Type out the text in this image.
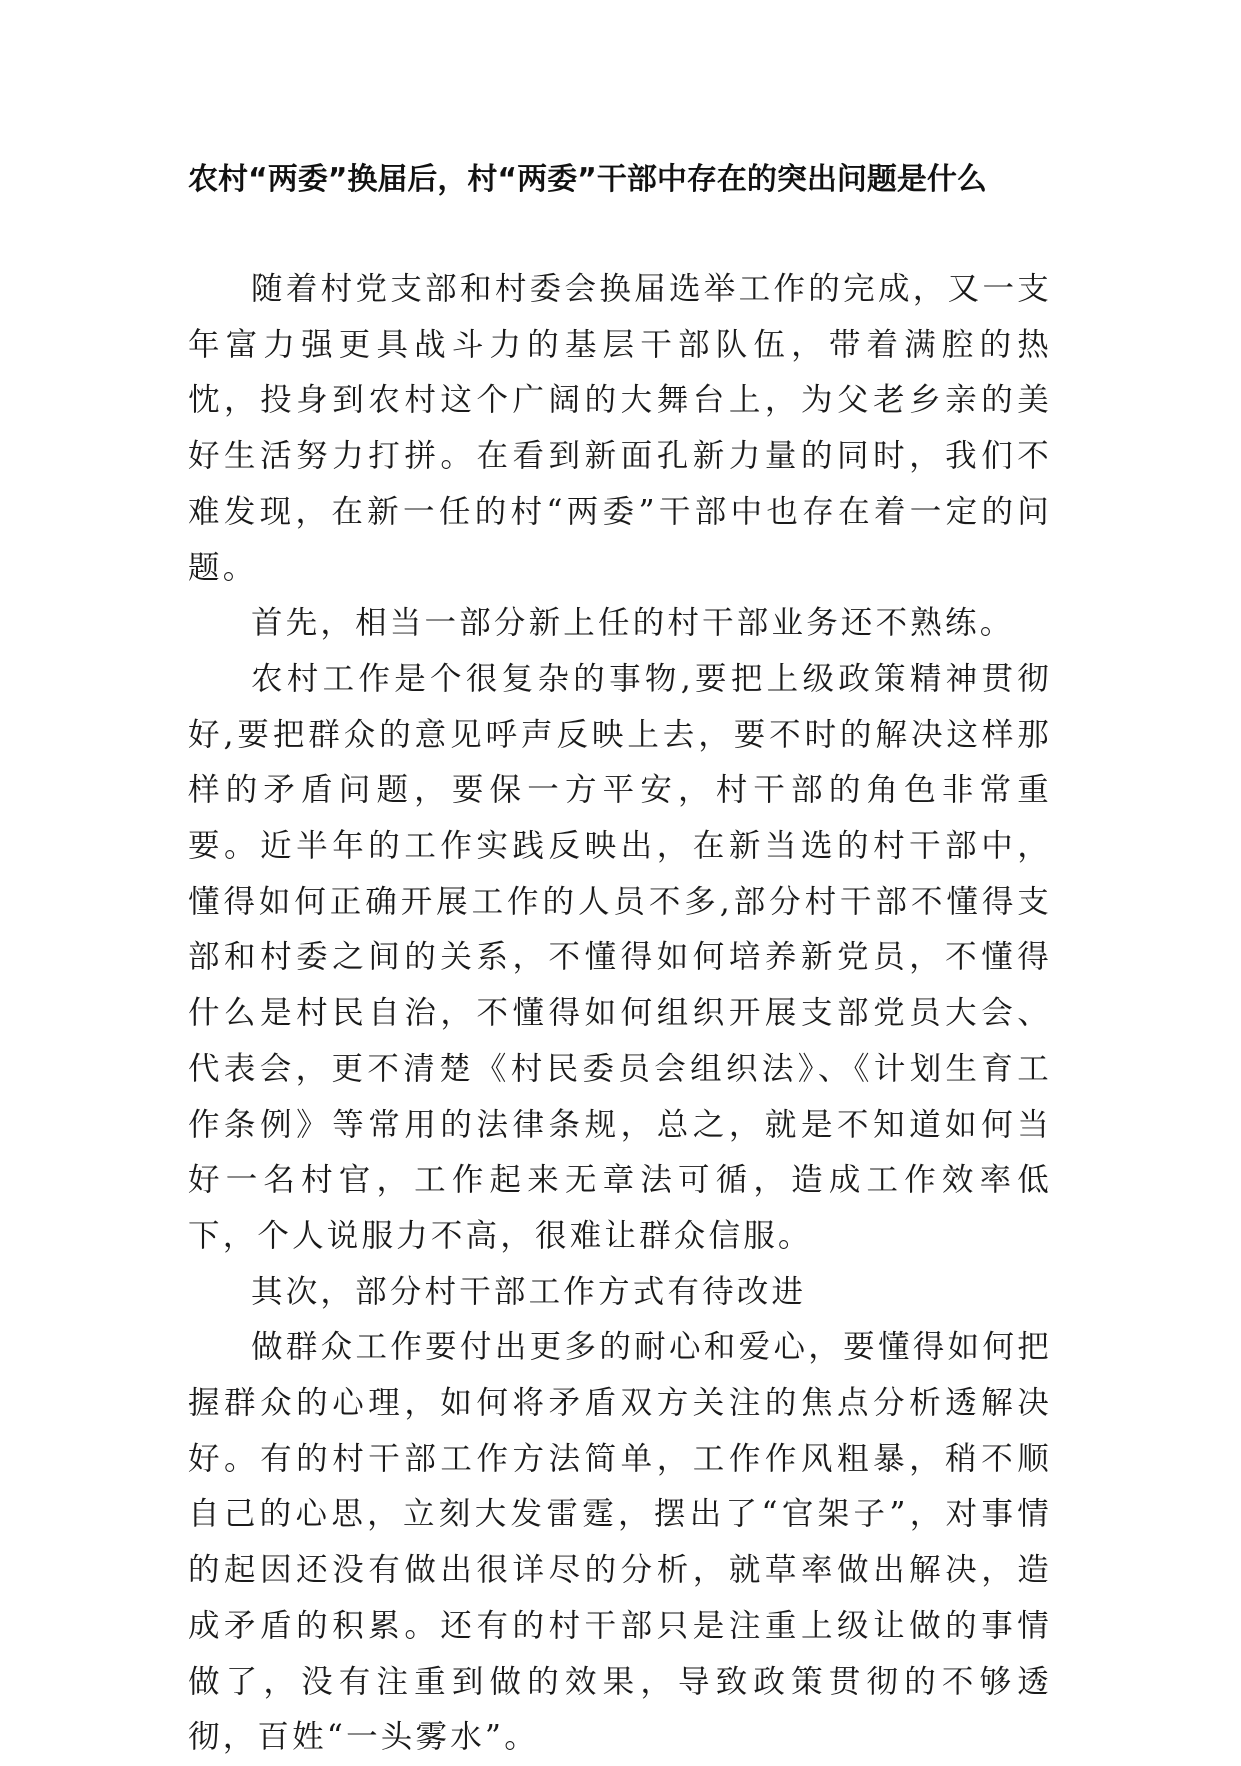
农村“两委”换届后，村“两委”干部中存在的突出问题是什么

随着村党支部和村委会换届选举工作的完成，又一支年富力强更具战斗力的基层干部队伍，带着满腔的热忱，投身到农村这个广阔的大舞台上，为父老乡亲的美好生活努力打拼。在看到新面孔新力量的同时，我们不难发现，在新一任的村“两委”干部中也存在着一定的问题。

首先，相当一部分新上任的村干部业务还不熟练。

农村工作是个很复杂的事物,要把上级政策精神贯彻好,要把群众的意见呼声反映上去，要不时的解决这样那样的矛盾问题，要保一方平安，村干部的角色非常重要。近半年的工作实践反映出，在新当选的村干部中，懂得如何正确开展工作的人员不多,部分村干部不懂得支部和村委之间的关系，不懂得如何培养新党员，不懂得什么是村民自治，不懂得如何组织开展支部党员大会、代表会，更不清楚《村民委员会组织法》、《计划生育工作条例》等常用的法律条规，总之，就是不知道如何当好一名村官，工作起来无章法可循，造成工作效率低下，个人说服力不高，很难让群众信服。

其次，部分村干部工作方式有待改进

做群众工作要付出更多的耐心和爱心，要懂得如何把握群众的心理，如何将矛盾双方关注的焦点分析透解决好。有的村干部工作方法简单，工作作风粗暴，稍不顺自己的心思，立刻大发雷霆，摆出了“官架子”，对事情的起因还没有做出很详尽的分析，就草率做出解决，造成矛盾的积累。还有的村干部只是注重上级让做的事情做了，没有注重到做的效果，导致政策贯彻的不够透彻，百姓“一头雾水”。
